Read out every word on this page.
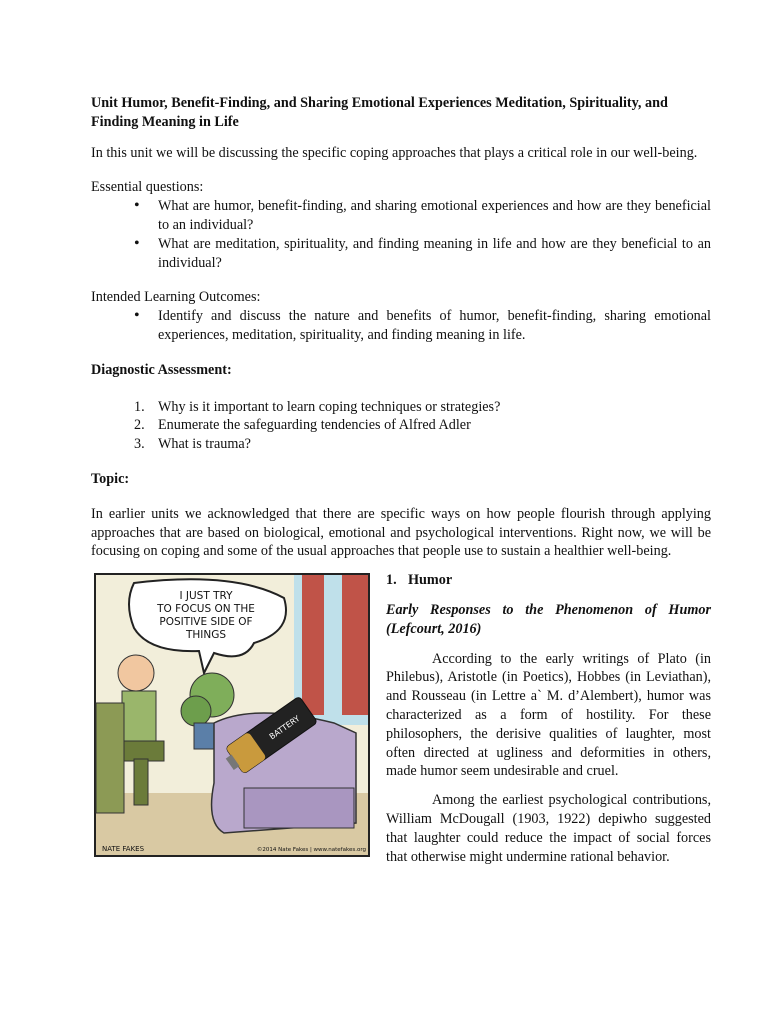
Unit Humor, Benefit-Finding, and Sharing Emotional Experiences Meditation, Spirituality, and Finding Meaning in Life
In this unit we will be discussing the specific coping approaches that plays a critical role in our well-being.
Essential questions:
• What are humor, benefit-finding, and sharing emotional experiences and how are they beneficial to an individual?
• What are meditation, spirituality, and finding meaning in life and how are they beneficial to an individual?
Intended Learning Outcomes:
• Identify and discuss the nature and benefits of humor, benefit-finding, sharing emotional experiences, meditation, spirituality, and finding meaning in life.
Diagnostic Assessment:
1. Why is it important to learn coping techniques or strategies?
2. Enumerate the safeguarding tendencies of Alfred Adler
3. What is trauma?
Topic:
In earlier units we acknowledged that there are specific ways on how people flourish through applying approaches that are based on biological, emotional and psychological interventions. Right now, we will be focusing on coping and some of the usual approaches that people use to sustain a healthier well-being.
I JUST TRY
TO FOCUS ON THE
POSITIVE SIDE OF
THINGS
BATTERY
NATE FAKES	©2014 Nate Fakes | www.natefakes.org
1. Humor
Early Responses to the Phenomenon of Humor (Lefcourt, 2016)
According to the early writings of Plato (in Philebus), Aristotle (in Poetics), Hobbes (in Leviathan), and Rousseau (in Lettre a` M. d’Alembert), humor was characterized as a form of hostility. For these philosophers, the derisive qualities of laughter, most often directed at ugliness and deformities in others, made humor seem undesirable and cruel.
Among the earliest psychological contributions, William McDougall (1903, 1922) depiwho suggested that laughter could reduce the impact of social forces that otherwise might undermine rational behavior.
